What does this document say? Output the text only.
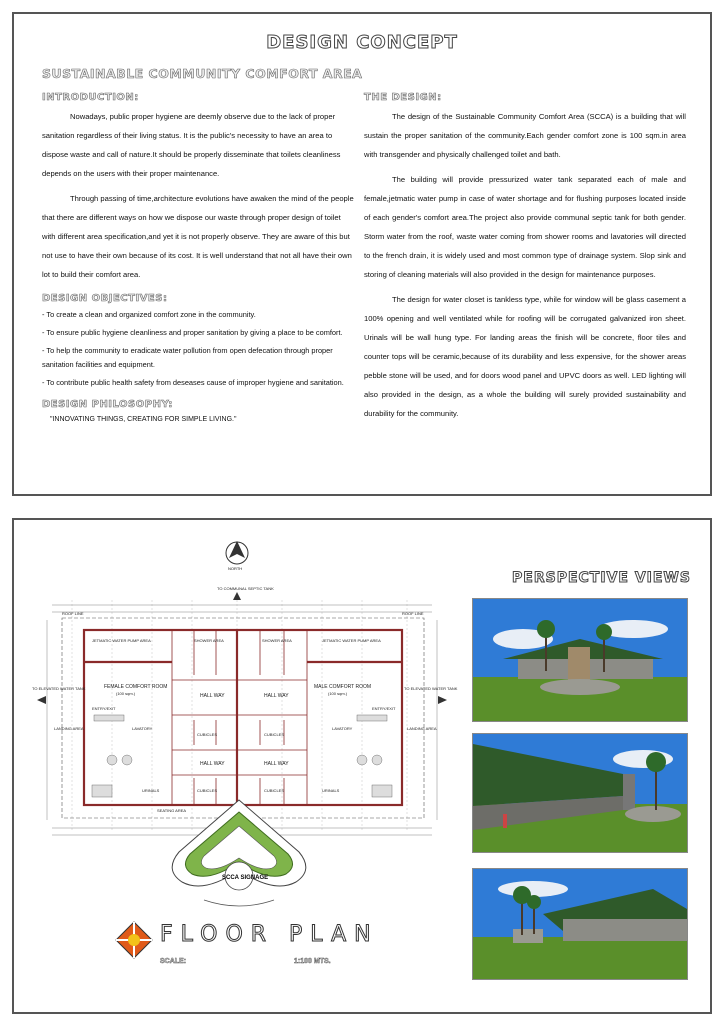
DESIGN CONCEPT
SUSTAINABLE COMMUNITY COMFORT AREA
INTRODUCTION:

Nowadays, public proper hygiene are deemly observe due to the lack of proper sanitation regardless of their living status. It is the public's necessity to have an area to dispose waste and call of nature.It should be properly disseminate that toilets cleanliness depends on the users with their proper maintenance.

Through passing of time,architecture evolutions have awaken the mind of the people that there are different ways on how we dispose our waste through proper design of toilet with different area specification,and yet it is not properly observe. They are aware of this but not use to have their own because of its cost. It is well understand that not all have their own lot to build their comfort area.

DESIGN OBJECTIVES:
- To create a clean and organized comfort zone in the community.
- To ensure public hygiene cleanliness and proper sanitation by giving a place to be comfort.
- To help the community to eradicate water pollution from open defecation through proper sanitation facilities and equipment.
- To contribute public health safety from deseases cause of improper hygiene and sanitation.
DESIGN PHILOSOPHY:
"INNOVATING THINGS, CREATING FOR SIMPLE LIVING."
THE DESIGN:

The design of the Sustainable Community Comfort Area (SCCA) is a building that will sustain the proper sanitation of the community.Each gender comfort zone is 100 sqm.in area with transgender and physically challenged toilet and bath.

The building will provide pressurized water tank separated each of male and female,jetmatic water pump in case of water shortage and for flushing purposes located inside of each gender's comfort area.The project also provide communal septic tank for both gender. Storm water from the roof, waste water coming from shower rooms and lavatories will directed to the french drain, it is widely used and most common type of drainage system. Slop sink and storing of cleaning materials will also provided in the design for maintenance purposes.

The design for water closet is tankless type, while for window will be glass casement a 100% opening and well ventilated while for roofing will be corrugated galvanized iron sheet. Urinals will be wall hung type. For landing areas the finish will be concrete, floor tiles and counter tops will be ceramic,because of its durability and less expensive, for the shower areas pebble stone will be used, and for doors wood panel and UPVC doors as well. LED lighting will also provided in the design, as a whole the building will surely provided sustainability and durability for the community.

NORTH
JETMATIC WATER PUMP AREA	JETMATIC WATER PUMP AREA
TO COMMUNAL SEPTIC TANK
TO ELEVATED WATER TANK	TO ELEVATED WATER TANK
SHOWER AREA	SHOWER AREA
HALL WAY	HALL WAY
HALL WAY	HALL WAY
FEMALE COMFORT ROOM
(100 sqm.)
MALE COMFORT ROOM
(100 sqm.)
ENTRY/EXIT	ENTRY/EXIT
LAVATORY	LAVATORY
CUBICLES	CUBICLES
CUBICLES	CUBICLES
URINALS	URINALS
LANDING AREA	LANDING AREA
SEATING AREA
ROOF LINE	ROOF LINE
SCCA SIGNAGE
FLOOR PLAN
SCALE:	1:100 MTS.
PERSPECTIVE VIEWS
